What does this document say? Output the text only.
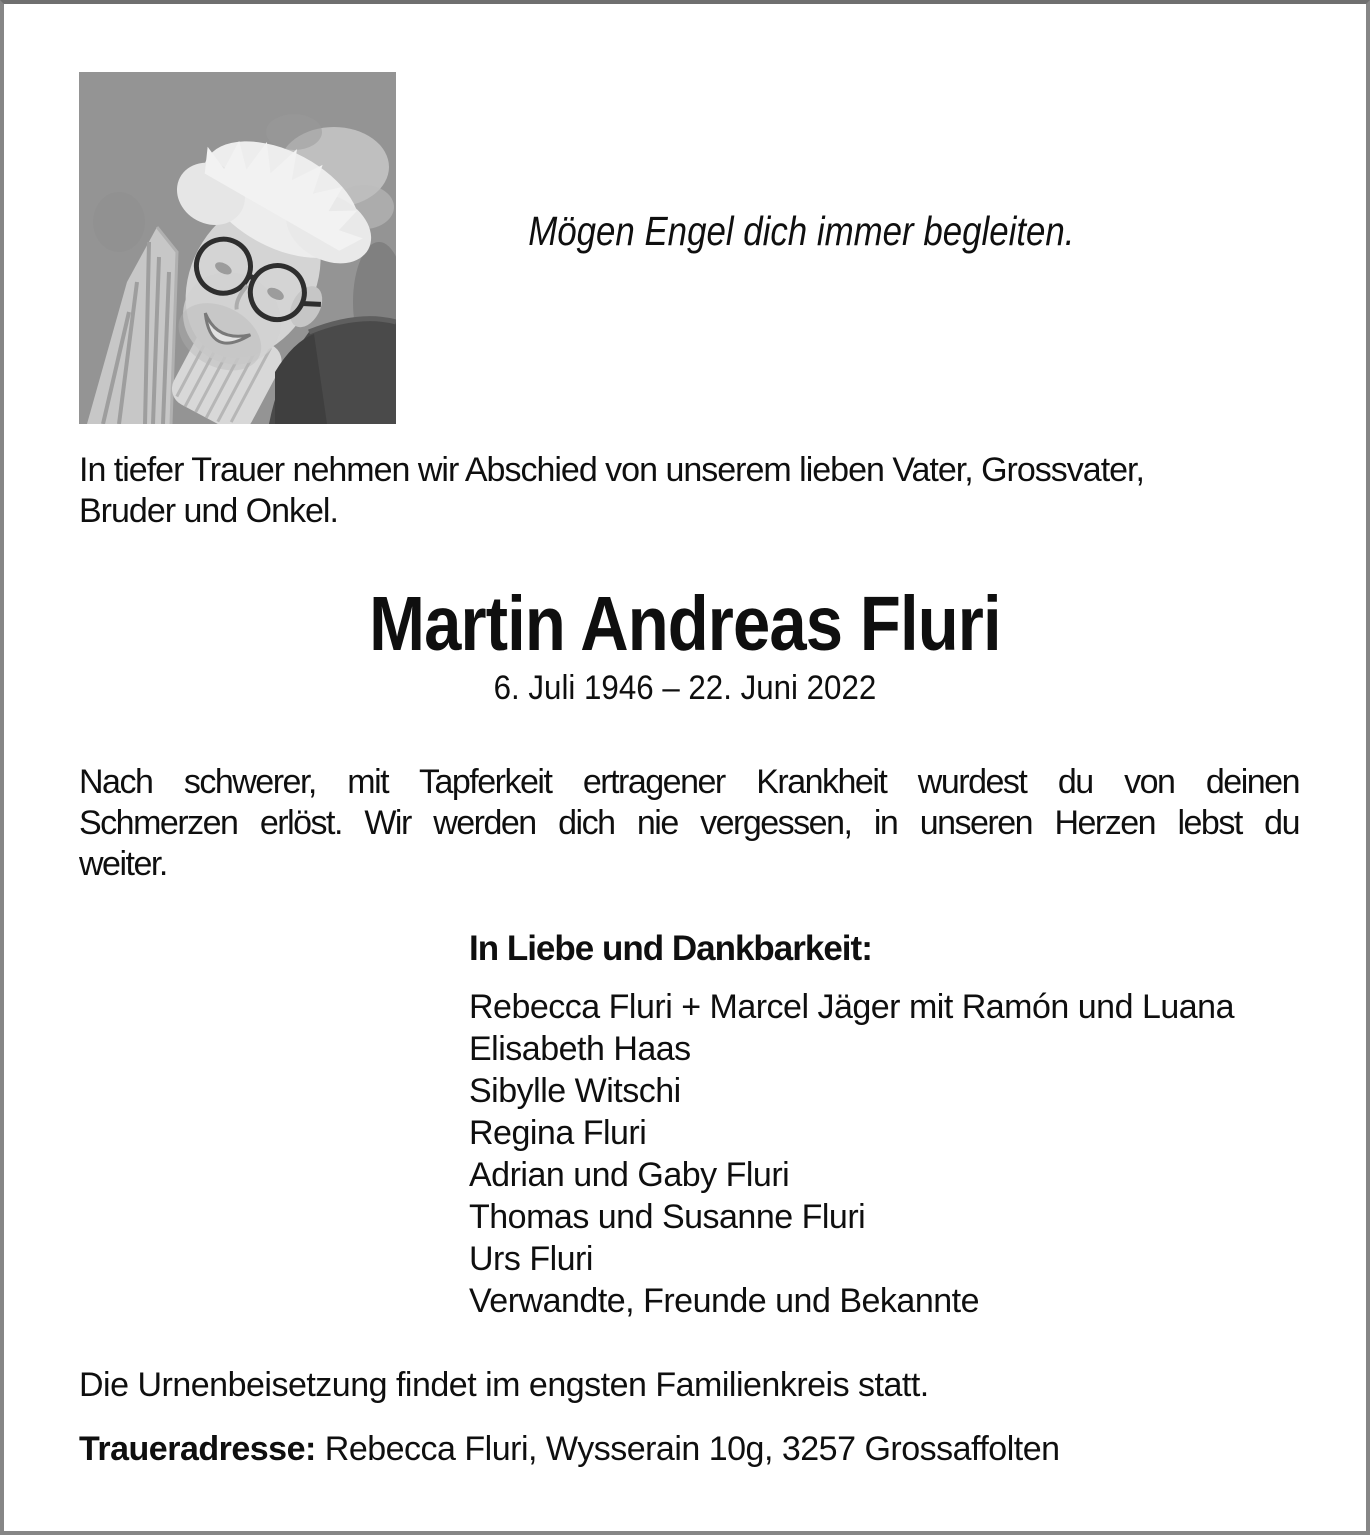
Mögen Engel dich immer begleiten.
In tiefer Trauer nehmen wir Abschied von unserem lieben Vater, Grossvater,
Bruder und Onkel.
Martin Andreas Fluri
6. Juli 1946 – 22. Juni 2022
Nach schwerer, mit Tapferkeit ertragener Krankheit wurdest du von deinen
Schmerzen erlöst. Wir werden dich nie vergessen, in unseren Herzen lebst du
weiter.
In Liebe und Dankbarkeit:
Rebecca Fluri + Marcel Jäger mit Ramón und Luana
Elisabeth Haas
Sibylle Witschi
Regina Fluri
Adrian und Gaby Fluri
Thomas und Susanne Fluri
Urs Fluri
Verwandte, Freunde und Bekannte
Die Urnenbeisetzung findet im engsten Familienkreis statt.
Traueradresse: Rebecca Fluri, Wysserain 10g, 3257 Grossaffolten
